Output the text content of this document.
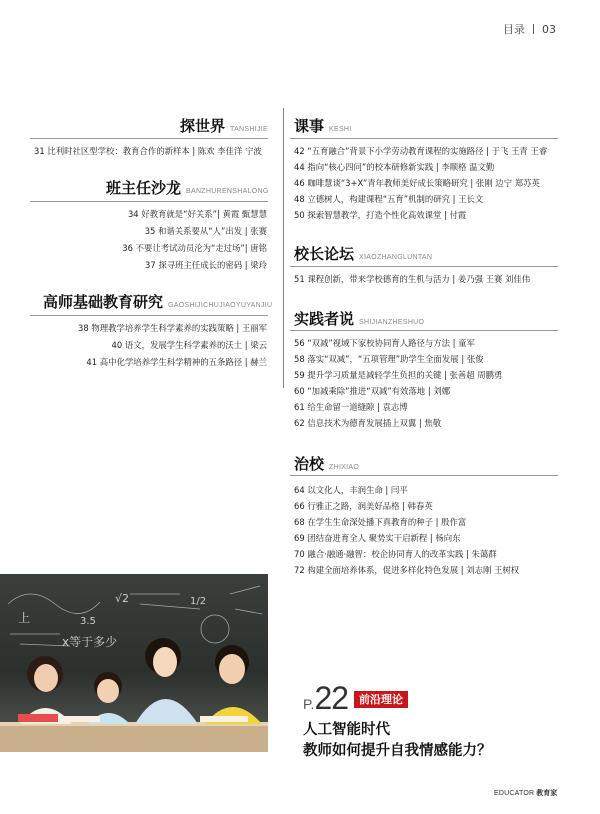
目录 03
探世界 TANSHIJIE
31 比利时社区型学校：教育合作的新样本 | 陈欢 李佳洋 宁波
班主任沙龙 BANZHURENSHALONG
34 好教育就是“好关系”| 黄霞 甄慧慧
35 和谐关系要从“人”出发 | 张赛
36 不要让考试动员沦为“走过场”| 唐铭
37 探寻班主任成长的密码 | 梁玲
高师基础教育研究 GAOSHIJICHUJIAOYUYANJIU
38 物理教学培养学生科学素养的实践策略 | 王丽军
40 语文，发展学生科学素养的沃土 | 梁云
41 高中化学培养学生科学精神的五条路径 | 赫兰
课事 KESHI
42 “五育融合”背景下小学劳动教育课程的实施路径 | 于飞 王青 王睿
44 指向“核心四问”的校本研修新实践 | 李顺格 温文勤
46 咖啡慧谈“3+X”青年教师美好成长策略研究 | 张刚 边宁 郑苏英
48 立德树人，构建课程“五育”机制的研究 | 王长文
50 探索智慧教学，打造个性化高效课堂 | 付霞
校长论坛 XIAOZHANGLUNTAN
51 课程创新，带来学校德育的生机与活力 | 姜乃强 王赛 刘佳伟
实践者说 SHIJIANZHESHUO
56 “双减”视域下家校协同育人路径与方法 | 童军
58 落实“双减”，“五项管理”助学生全面发展 | 张俊
59 提升学习质量是减轻学生负担的关键 | 张善超 周鹏勇
60 “加减乘除”推进“双减”有效落地 | 刘娜
61 给生命留一道缝隙 | 袁志博
62 信息技术为德育发展插上双翼 | 焦敬
治校 ZHIXIAO
64 以文化人，丰润生命 | 闫平
66 行雅正之路，润美好品格 | 韩春英
68 在学生生命深处播下真教育的种子 | 殷作富
69 团结奋进育全人 聚势实干启新程 | 杨向东
70 融合·融通·融智：校企协同育人的改革实践 | 朱蔼群
72 构建全面培养体系，促进多样化特色发展 | 刘志刚 王树权
上	3.5
x等于多少
√2	1/2
P. 22	前沿理论
人工智能时代
教师如何提升自我情感能力？
EDUCATOR 教育家
